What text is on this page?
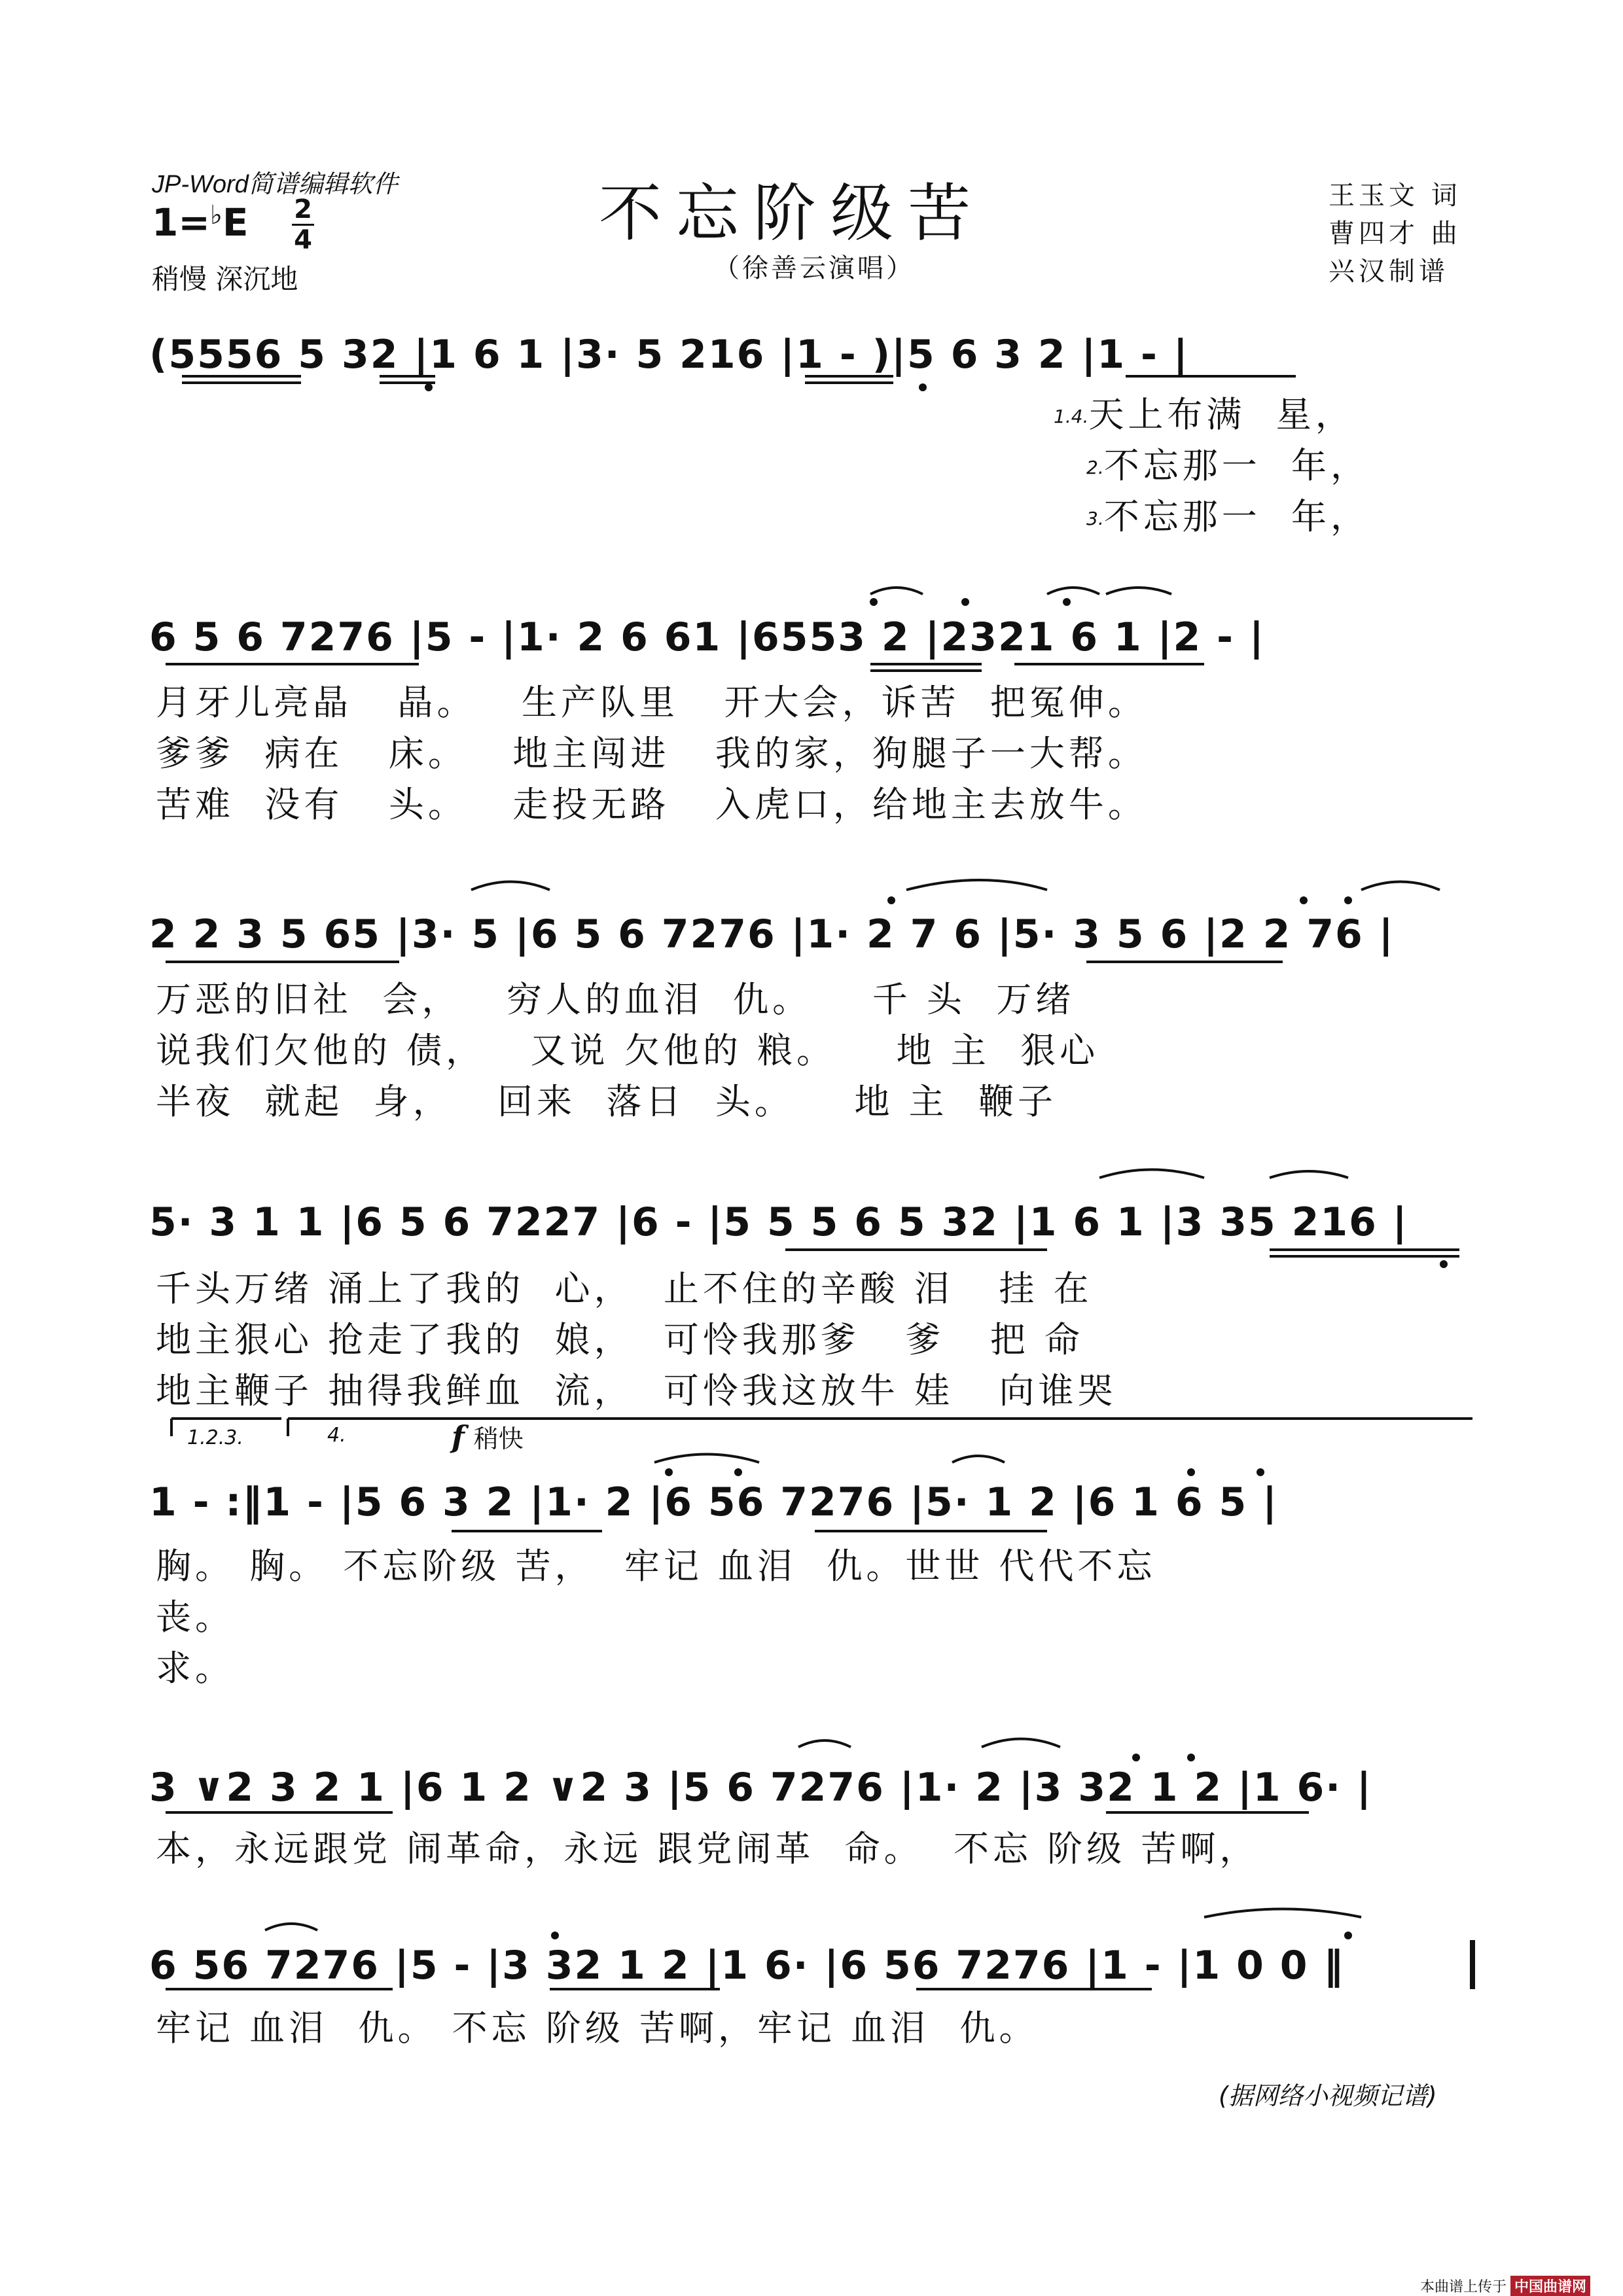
JP-Word简谱编辑软件
1=♭E 2
4
稍慢 深沉地
不忘阶级苦
（徐善云演唱）
王玉文 词
曹四才 曲
兴汉制谱
(5556 5 32 |1 6 1 |3· 5 216 |1 - )|5 6 3 2 |1 - |
1.4.天上布满  星，
2.不忘那一  年，
3.不忘那一  年，
6 5 6 7276 |5 - |1· 2 6 61 |6553 2 |2321 6 1 |2 - |
月牙儿亮晶   晶。   生产队里   开大会，诉苦  把冤伸。
爹爹  病在   床。   地主闯进   我的家，狗腿子一大帮。
苦难  没有   头。   走投无路   入虎口，给地主去放牛。
2 2 3 5 65 |3· 5 |6 5 6 7276 |1· 2 7 6 |5· 3 5 6 |2 2 76 |
万恶的旧社  会，   穷人的血泪  仇。    千 头  万绪
说我们欠他的 债，   又说 欠他的 粮。    地 主  狠心
半夜  就起  身，   回来  落日  头。    地 主  鞭子
5· 3 1 1 |6 5 6 7227 |6 - |5 5 5 6 5 32 |1 6 1 |3 35 216 |
千头万绪 涌上了我的  心，  止不住的辛酸 泪   挂 在
地主狠心 抢走了我的  娘，  可怜我那爹   爹   把 命
地主鞭子 抽得我鲜血  流，  可怜我这放牛 娃   向谁哭
1.2.3.	4.	f 稍快
1 - :‖1 - |5 6 3 2 |1· 2 |6 56 7276 |5· 1 2 |6 1 6 5 |
胸。 胸。 不忘阶级 苦，  牢记 血泪  仇。世世 代代不忘
丧。
求。
3 ∨2 3 2 1 |6 1 2 ∨2 3 |5 6 7276 |1· 2 |3 32 1 2 |1 6· |
本，永远跟党 闹革命，永远 跟党闹革  命。  不忘 阶级 苦啊，
6 56 7276 |5 - |3 32 1 2 |1 6· |6 56 7276 |1 - |1 0 0 ‖
牢记 血泪  仇。 不忘 阶级 苦啊，牢记 血泪  仇。
(据网络小视频记谱)
本曲谱上传于 中国曲谱网
